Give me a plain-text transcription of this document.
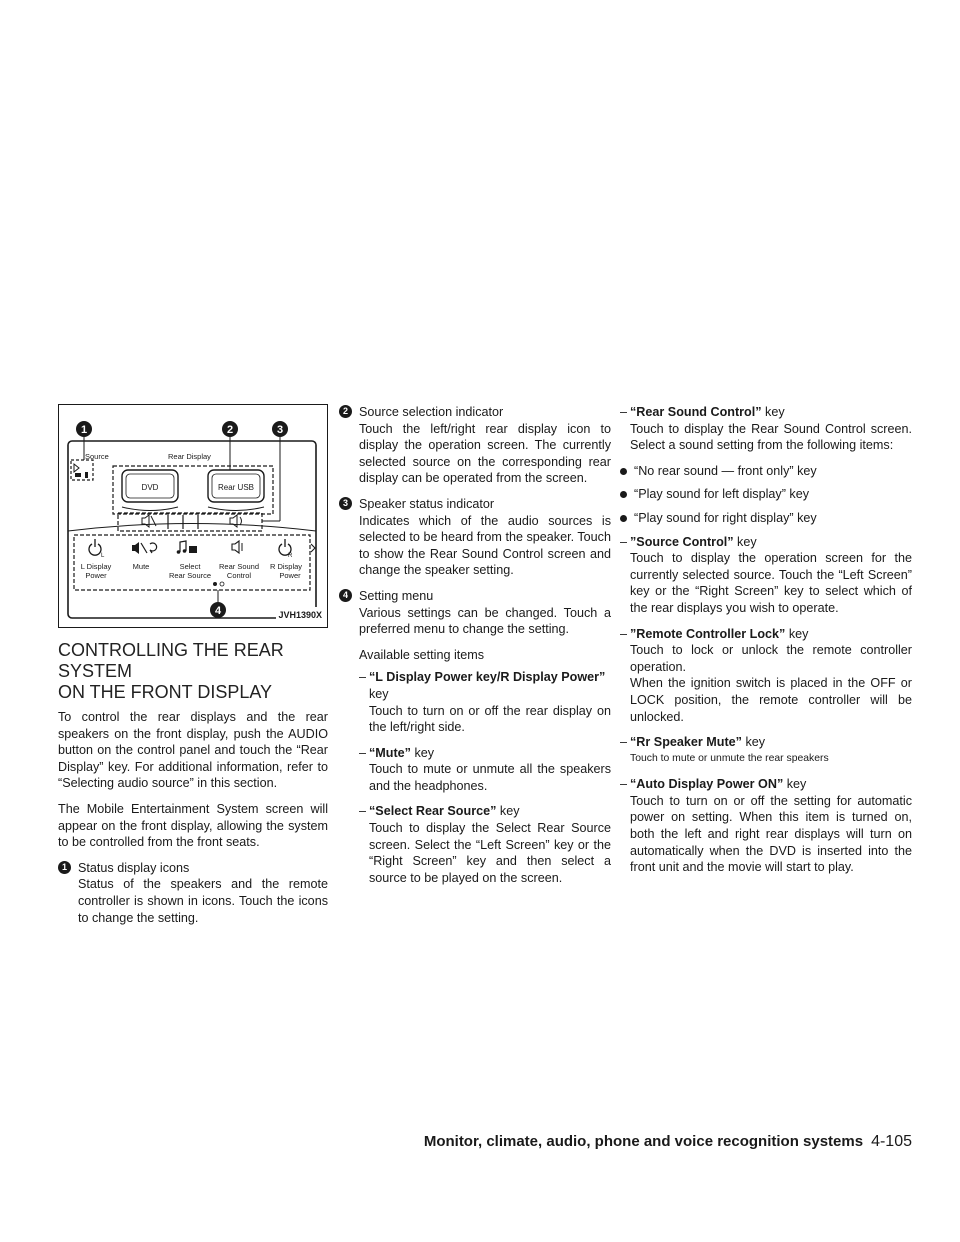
1	2	3
4
Source	Rear Display
DVD	Rear USB
L	R
L Display
Power
Mute	Select
Rear Source
Rear Sound
Control
R Display
Power
JVH1390X
CONTROLLING THE REAR SYSTEM
ON THE FRONT DISPLAY

To control the rear displays and the rear speakers on the front display, push the AUDIO button on the control panel and touch the “Rear Display” key. For additional information, refer to “Selecting audio source” in this section.

The Mobile Entertainment System screen will appear on the front display, allowing the system to be controlled from the front seats.

1 Status display icons
Status of the speakers and the remote controller is shown in icons. Touch the icons to change the setting.
2 Source selection indicator
Touch the left/right rear display icon to display the operation screen. The currently selected source on the corresponding rear display can be operated from the screen.
3 Speaker status indicator
Indicates which of the audio sources is selected to be heard from the speaker. Touch to show the Rear Sound Control screen and change the speaker setting.
4 Setting menu
Various settings can be changed. Touch a preferred menu to change the setting.
Available setting items
– “L Display Power key/R Display Power” key
Touch to turn on or off the rear display on the left/right side.
– “Mute” key
Touch to mute or unmute all the speakers and the headphones.
– “Select Rear Source” key
Touch to display the Select Rear Source screen. Select the “Left Screen” key or the “Right Screen” key and then select a source to be played on the screen.
– “Rear Sound Control” key
Touch to display the Rear Sound Control screen. Select a sound setting from the following items:
“No rear sound — front only” key
“Play sound for left display” key
“Play sound for right display” key
– ”Source Control” key
Touch to display the operation screen for the currently selected source. Touch the “Left Screen” key or the “Right Screen” key to select which of the rear displays you wish to operate.
– ”Remote Controller Lock” key
Touch to lock or unlock the remote controller operation.
When the ignition switch is placed in the OFF or LOCK position, the remote controller will be unlocked.
– “Rr Speaker Mute” key
Touch to mute or unmute the rear speakers
– “Auto Display Power ON” key
Touch to turn on or off the setting for automatic power on setting. When this item is turned on, both the left and right rear displays will turn on automatically when the DVD is inserted into the front unit and the movie will start to play.
Monitor, climate, audio, phone and voice recognition systems 4-105
